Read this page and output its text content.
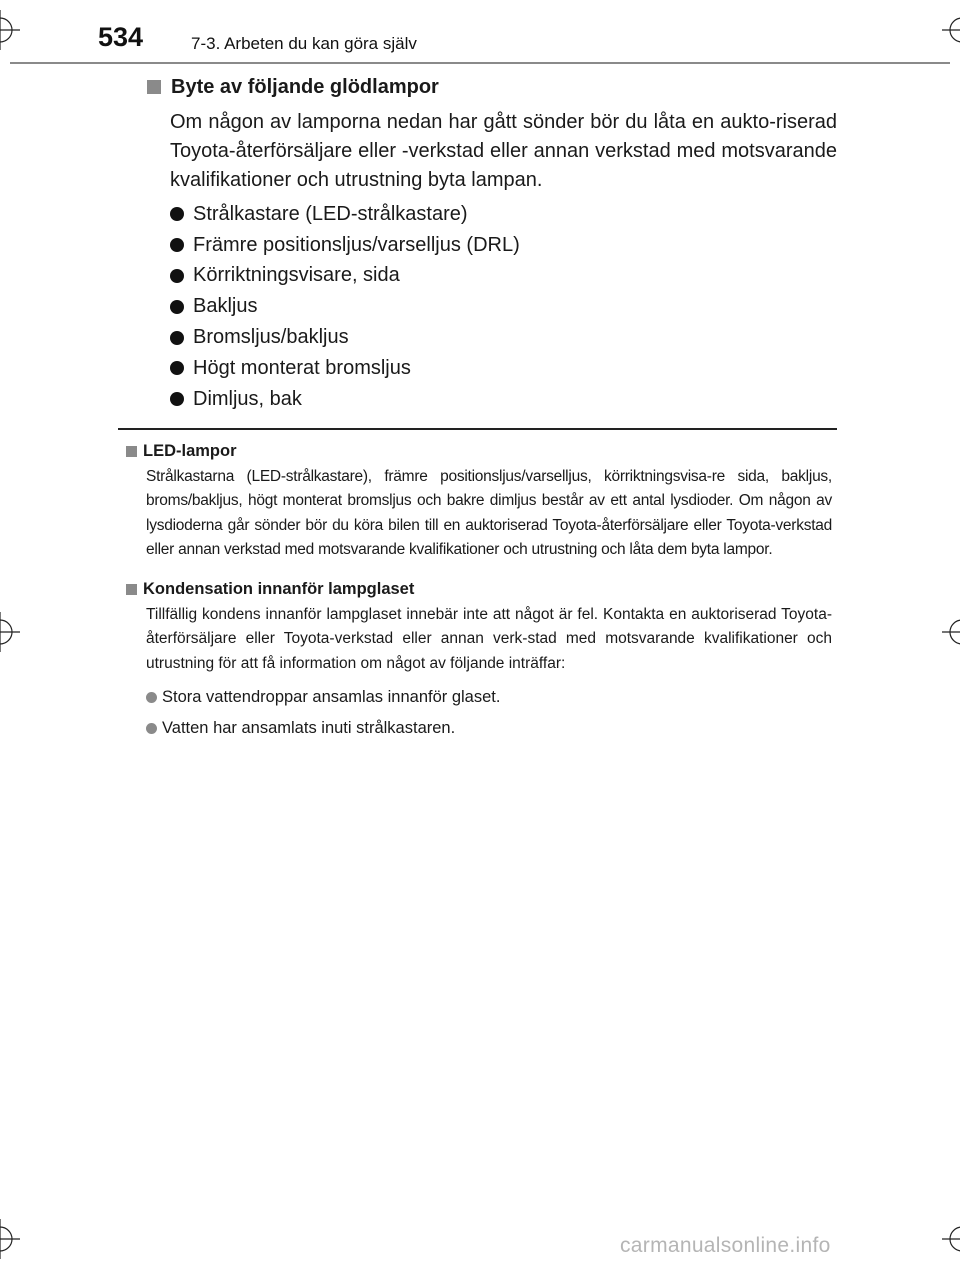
534	7-3. Arbeten du kan göra själv
Byte av följande glödlampor

Om någon av lamporna nedan har gått sönder bör du låta en aukto-riserad Toyota-återförsäljare eller -verkstad eller annan verkstad med motsvarande kvalifikationer och utrustning byta lampan.

Strålkastare (LED-strålkastare)
Främre positionsljus/varselljus (DRL)
Körriktningsvisare, sida
Bakljus
Bromsljus/bakljus
Högt monterat bromsljus
Dimljus, bak
LED-lampor

Strålkastarna (LED-strålkastare), främre positionsljus/varselljus, körriktningsvisa-re sida, bakljus, broms/bakljus, högt monterat bromsljus och bakre dimljus består av ett antal lysdioder. Om någon av lysdioderna går sönder bör du köra bilen till en auktoriserad Toyota-återförsäljare eller Toyota-verkstad eller annan verkstad med motsvarande kvalifikationer och utrustning och låta dem byta lampor.

Kondensation innanför lampglaset

Tillfällig kondens innanför lampglaset innebär inte att något är fel. Kontakta en auktoriserad Toyota-återförsäljare eller Toyota-verkstad eller annan verk-stad med motsvarande kvalifikationer och utrustning för att få information om något av följande inträffar:

Stora vattendroppar ansamlas innanför glaset.
Vatten har ansamlats inuti strålkastaren.
carmanualsonline.info
